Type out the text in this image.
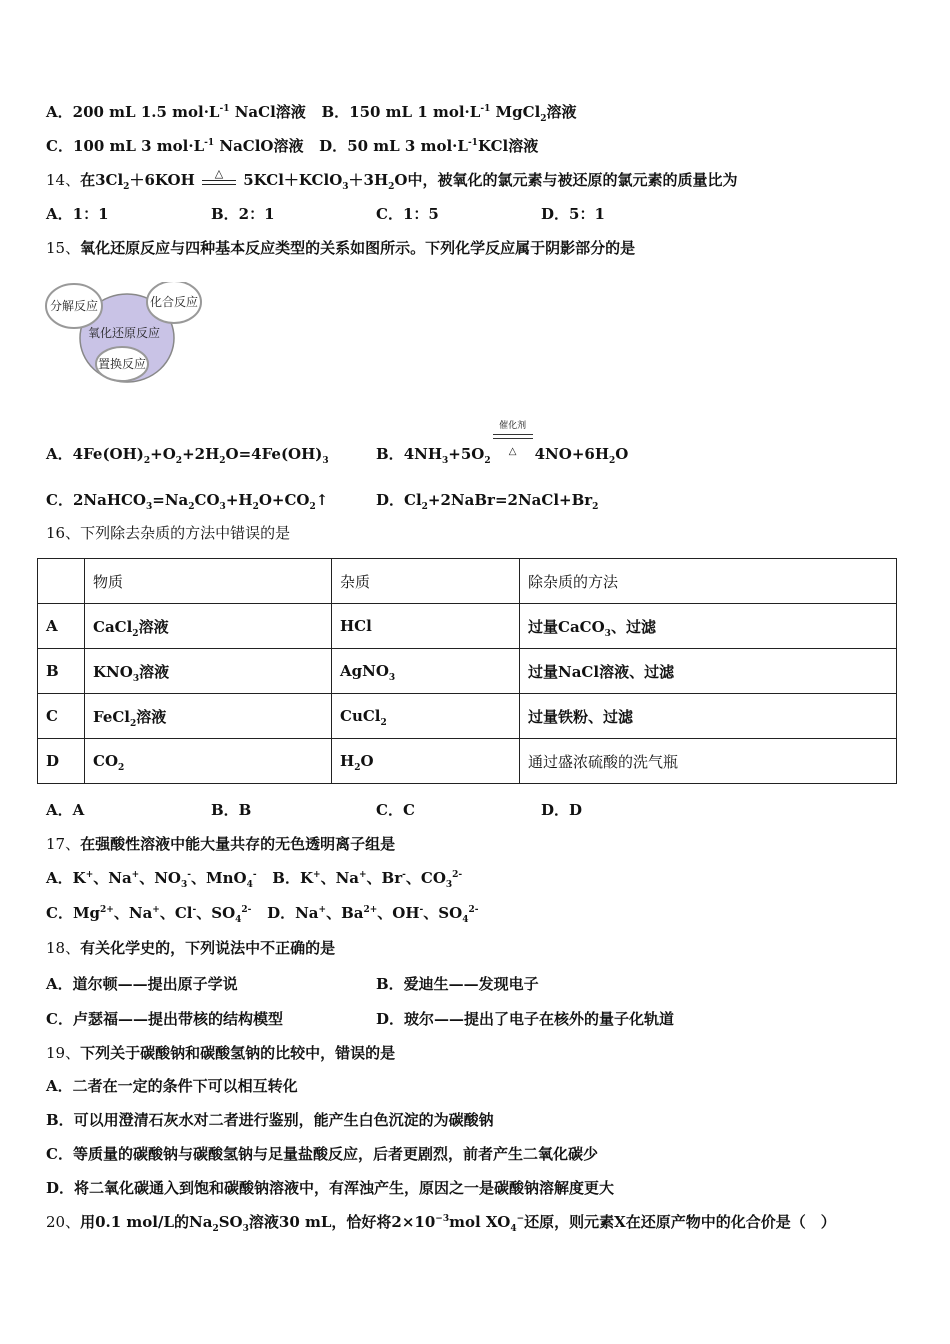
A．200 mL 1.5 $mol\cdot L^{-1}$ NaCl溶液 B．150 mL 1 $mol\cdot L^{-1}$ MgCl$_2$溶液
C．100 mL 3 $mol\cdot L^{-1}$ NaClO溶液 D．50 mL 3 $mol\cdot L^{-1}KCl$溶液
14、在$3Cl_2+6KOH$	△	$5KCl+KClO_3+3H_2O$中，被氧化的氯元素与被还原的氯元素的质量比为
A．1：1	B．2：1	C．1：5	D．5：1
15、氧化还原反应与四种基本反应类型的关系如图所示。下列化学反应属于阴影部分的是
分解反应	化合反应
氧化还原反应
置换反应
A．$4Fe(OH)_2+O_2+2H_2O=4Fe(OH)_3$	B．$4NH_3+5O_2$
催化剂
△	$4NO+6H_2O$
C．$2NaHCO_3=Na_2CO_3+H_2O+CO_2↑$	D．$Cl_2+2NaBr=2NaCl+Br_2$
16、下列除去杂质的方法中错误的是
	物质	杂质	除杂质的方法
A	CaCl$_2$溶液	HCl	过量CaCO$_3$、过滤
B	$KNO_3$溶液	AgNO$_3$	过量NaCl溶液、过滤
C	FeCl$_2$溶液	CuCl$_2$	过量铁粉、过滤
D	$CO_2$	$H_2O$	通过盛浓硫酸的洗气瓶
A．A	B．B	C．C	D．D
17、在强酸性溶液中能大量共存的无色透明离子组是
A．K+、Na+、$NO_3^-$、MnO$_4$- B．K+、Na+、Br-、$CO_3^{2-}$
C．$Mg^{2+}$、Na+、Cl-、$SO_4^{2-}$ D．Na+、$Ba^{2+}$、OH-、$SO_4^{2-}$
18、有关化学史的，下列说法中不正确的是
A．道尔顿——提出原子学说	B．爱迪生——发现电子
C．卢瑟福——提出带核的结构模型	D．玻尔——提出了电子在核外的量子化轨道
19、下列关于碳酸钠和碳酸氢钠的比较中，错误的是
A．二者在一定的条件下可以相互转化
B．可以用澄清石灰水对二者进行鉴别，能产生白色沉淀的为碳酸钠
C．等质量的碳酸钠与碳酸氢钠与足量盐酸反应，后者更剧烈，前者产生二氧化碳少
D．将二氧化碳通入到饱和碳酸钠溶液中，有浑浊产生，原因之一是碳酸钠溶解度更大
20、用0.1 mol/L的$Na_2SO_3$溶液30 mL，恰好将$2\times 10^{-3}mol$ $XO_4^-$还原，则元素X在还原产物中的化合价是（　）
